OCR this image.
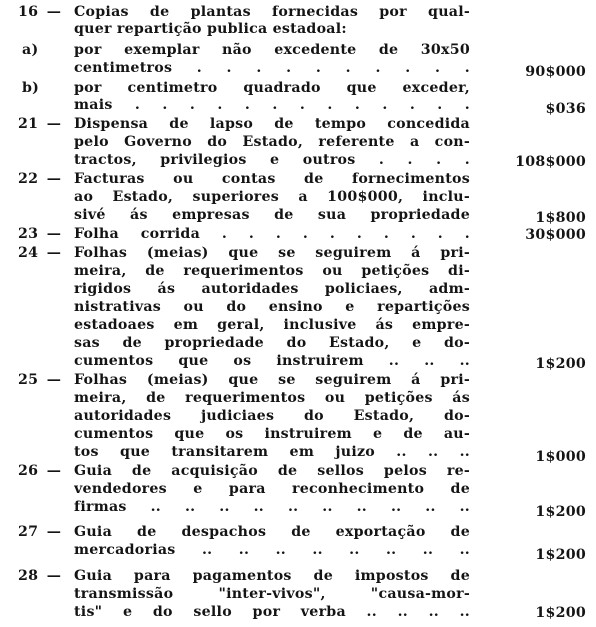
16 — Copias de plantas fornecidas por qual-
quer repartição publica estadoal:
a)	por exemplar não excedente de 30x50
centimetros . . . . . . . . . .	90$000
b)	por centimetro quadrado que exceder,
mais . . . . . . . . . . . . .	$036
21 — Dispensa de lapso de tempo concedida
pelo Governo do Estado, referente a con-
tractos, privilegios e outros . . . .	108$000
22 — Facturas ou contas de fornecimentos
ao Estado, superiores a 100$000, inclu-
sivé ás empresas de sua propriedade	1$800
23 — Folha corrida . . . . . . . . . .	30$000
24 — Folhas (meias) que se seguirem á pri-
meira, de requerimentos ou petições di-
rigidos ás autoridades policiaes, adm-
nistrativas ou do ensino e repartições
estadoaes em geral, inclusive ás empre-
sas de propriedade do Estado, e do-
cumentos que os instruirem .. .. ..	1$200
25 — Folhas (meias) que se seguirem á pri-
meira, de requerimentos ou petições ás
autoridades judiciaes do Estado, do-
cumentos que os instruirem e de au-
tos que transitarem em juizo .. .. ..	1$000
26 — Guia de acquisição de sellos pelos re-
vendedores e para reconhecimento de
firmas .. .. .. .. .. .. .. .. .. ..	1$200
27 — Guia de despachos de exportação de
mercadorias .. .. .. .. .. .. .. ..	1$200
28 — Guia para pagamentos de impostos de
transmissão "inter-vivos", "causa-mor-
tis" e do sello por verba .. .. .. ..	1$200
